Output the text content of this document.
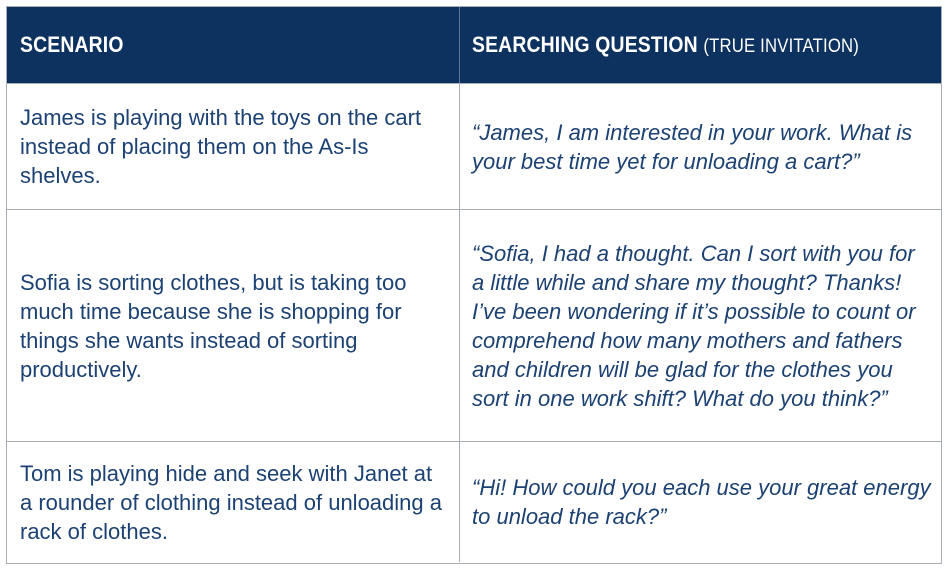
SCENARIO	SEARCHING QUESTION (TRUE INVITATION)
James is playing with the toys on the cart instead of placing them on the As-Is shelves.
“James, I am interested in your work. What is your best time yet for unloading a cart?”
Sofia is sorting clothes, but is taking too much time because she is shopping for things she wants instead of sorting productively.
“Sofia, I had a thought. Can I sort with you for a little while and share my thought? Thanks! I’ve been wondering if it’s possible to count or comprehend how many mothers and fathers and children will be glad for the clothes you sort in one work shift? What do you think?”
Tom is playing hide and seek with Janet at a rounder of clothing instead of unloading a rack of clothes.
“Hi! How could you each use your great energy to unload the rack?”
